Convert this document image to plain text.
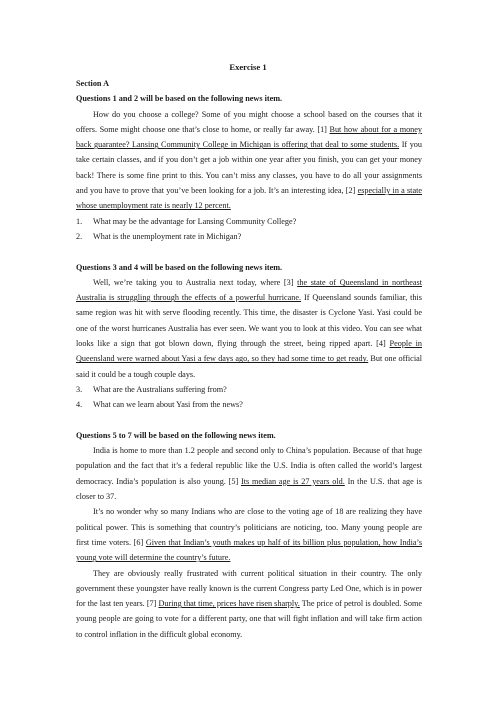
Exercise 1

Section A

Questions 1 and 2 will be based on the following news item.

How do you choose a college? Some of you might choose a school based on the courses that it offers. Some might choose one that’s close to home, or really far away. [1] But how about for a money back guarantee? Lansing Community College in Michigan is offering that deal to some students. If you take certain classes, and if you don’t get a job within one year after you finish, you can get your money back! There is some fine print to this. You can’t miss any classes, you have to do all your assignments and you have to prove that you’ve been looking for a job. It’s an interesting idea, [2] especially in a state whose unemployment rate is nearly 12 percent.

1. What may be the advantage for Lansing Community College?

2. What is the unemployment rate in Michigan?

Questions 3 and 4 will be based on the following news item.

Well, we’re taking you to Australia next today, where [3] the state of Queensland in northeast Australia is struggling through the effects of a powerful hurricane. If Queensland sounds familiar, this same region was hit with serve flooding recently. This time, the disaster is Cyclone Yasi. Yasi could be one of the worst hurricanes Australia has ever seen. We want you to look at this video. You can see what looks like a sign that got blown down, flying through the street, being ripped apart. [4] People in Queensland were warned about Yasi a few days ago, so they had some time to get ready. But one official said it could be a tough couple days.

3. What are the Australians suffering from?

4. What can we learn about Yasi from the news?

Questions 5 to 7 will be based on the following news item.

India is home to more than 1.2 people and second only to China’s population. Because of that huge population and the fact that it’s a federal republic like the U.S. India is often called the world’s largest democracy. India’s population is also young. [5] Its median age is 27 years old. In the U.S. that age is closer to 37.

It’s no wonder why so many Indians who are close to the voting age of 18 are realizing they have political power. This is something that country’s politicians are noticing, too. Many young people are first time voters. [6] Given that Indian’s youth makes up half of its billion plus population, how India’s young vote will determine the country’s future.

They are obviously really frustrated with current political situation in their country. The only government these youngster have really known is the current Congress party Led One, which is in power for the last ten years. [7] During that time, prices have risen sharply. The price of petrol is doubled. Some young people are going to vote for a different party, one that will fight inflation and will take firm action to control inflation in the difficult global economy.
